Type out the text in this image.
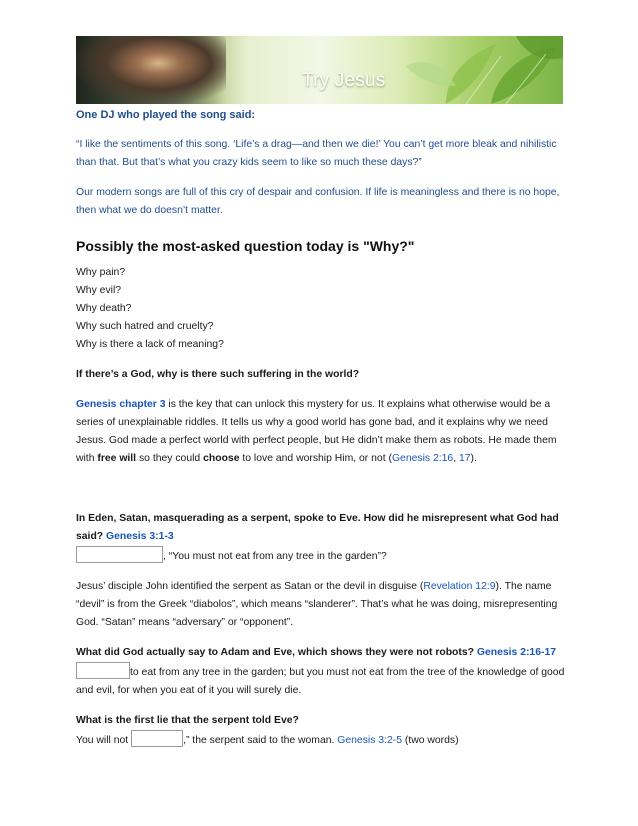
Try Jesus

One DJ who played the song said:

“I like the sentiments of this song. ‘Life’s a drag—and then we die!’ You can’t get more bleak and nihilistic than that. But that’s what you crazy kids seem to like so much these days?”

Our modern songs are full of this cry of despair and confusion. If life is meaningless and there is no hope, then what we do doesn’t matter.

Possibly the most-asked question today is "Why?"

Why pain?

Why evil?

Why death?

Why such hatred and cruelty?

Why is there a lack of meaning?

If there’s a God, why is there such suffering in the world?

Genesis chapter 3 is the key that can unlock this mystery for us. It explains what otherwise would be a series of unexplainable riddles. It tells us why a good world has gone bad, and it explains why we need Jesus. God made a perfect world with perfect people, but He didn’t make them as robots. He made them with free will so they could choose to love and worship Him, or not (Genesis 2:16, 17).

In Eden, Satan, masquerading as a serpent, spoke to Eve. How did he misrepresent what God had said? Genesis 3:1-3

, “You must not eat from any tree in the garden”?

Jesus’ disciple John identified the serpent as Satan or the devil in disguise (Revelation 12:9). The name “devil” is from the Greek “diabolos”, which means “slanderer”. That’s what he was doing, misrepresenting God. “Satan” means “adversary” or “opponent”.

What did God actually say to Adam and Eve, which shows they were not robots? Genesis 2:16-17

to eat from any tree in the garden; but you must not eat from the tree of the knowledge of good and evil, for when you eat of it you will surely die.

What is the first lie that the serpent told Eve?

You will not	,” the serpent said to the woman. Genesis 3:2-5 (two words)
